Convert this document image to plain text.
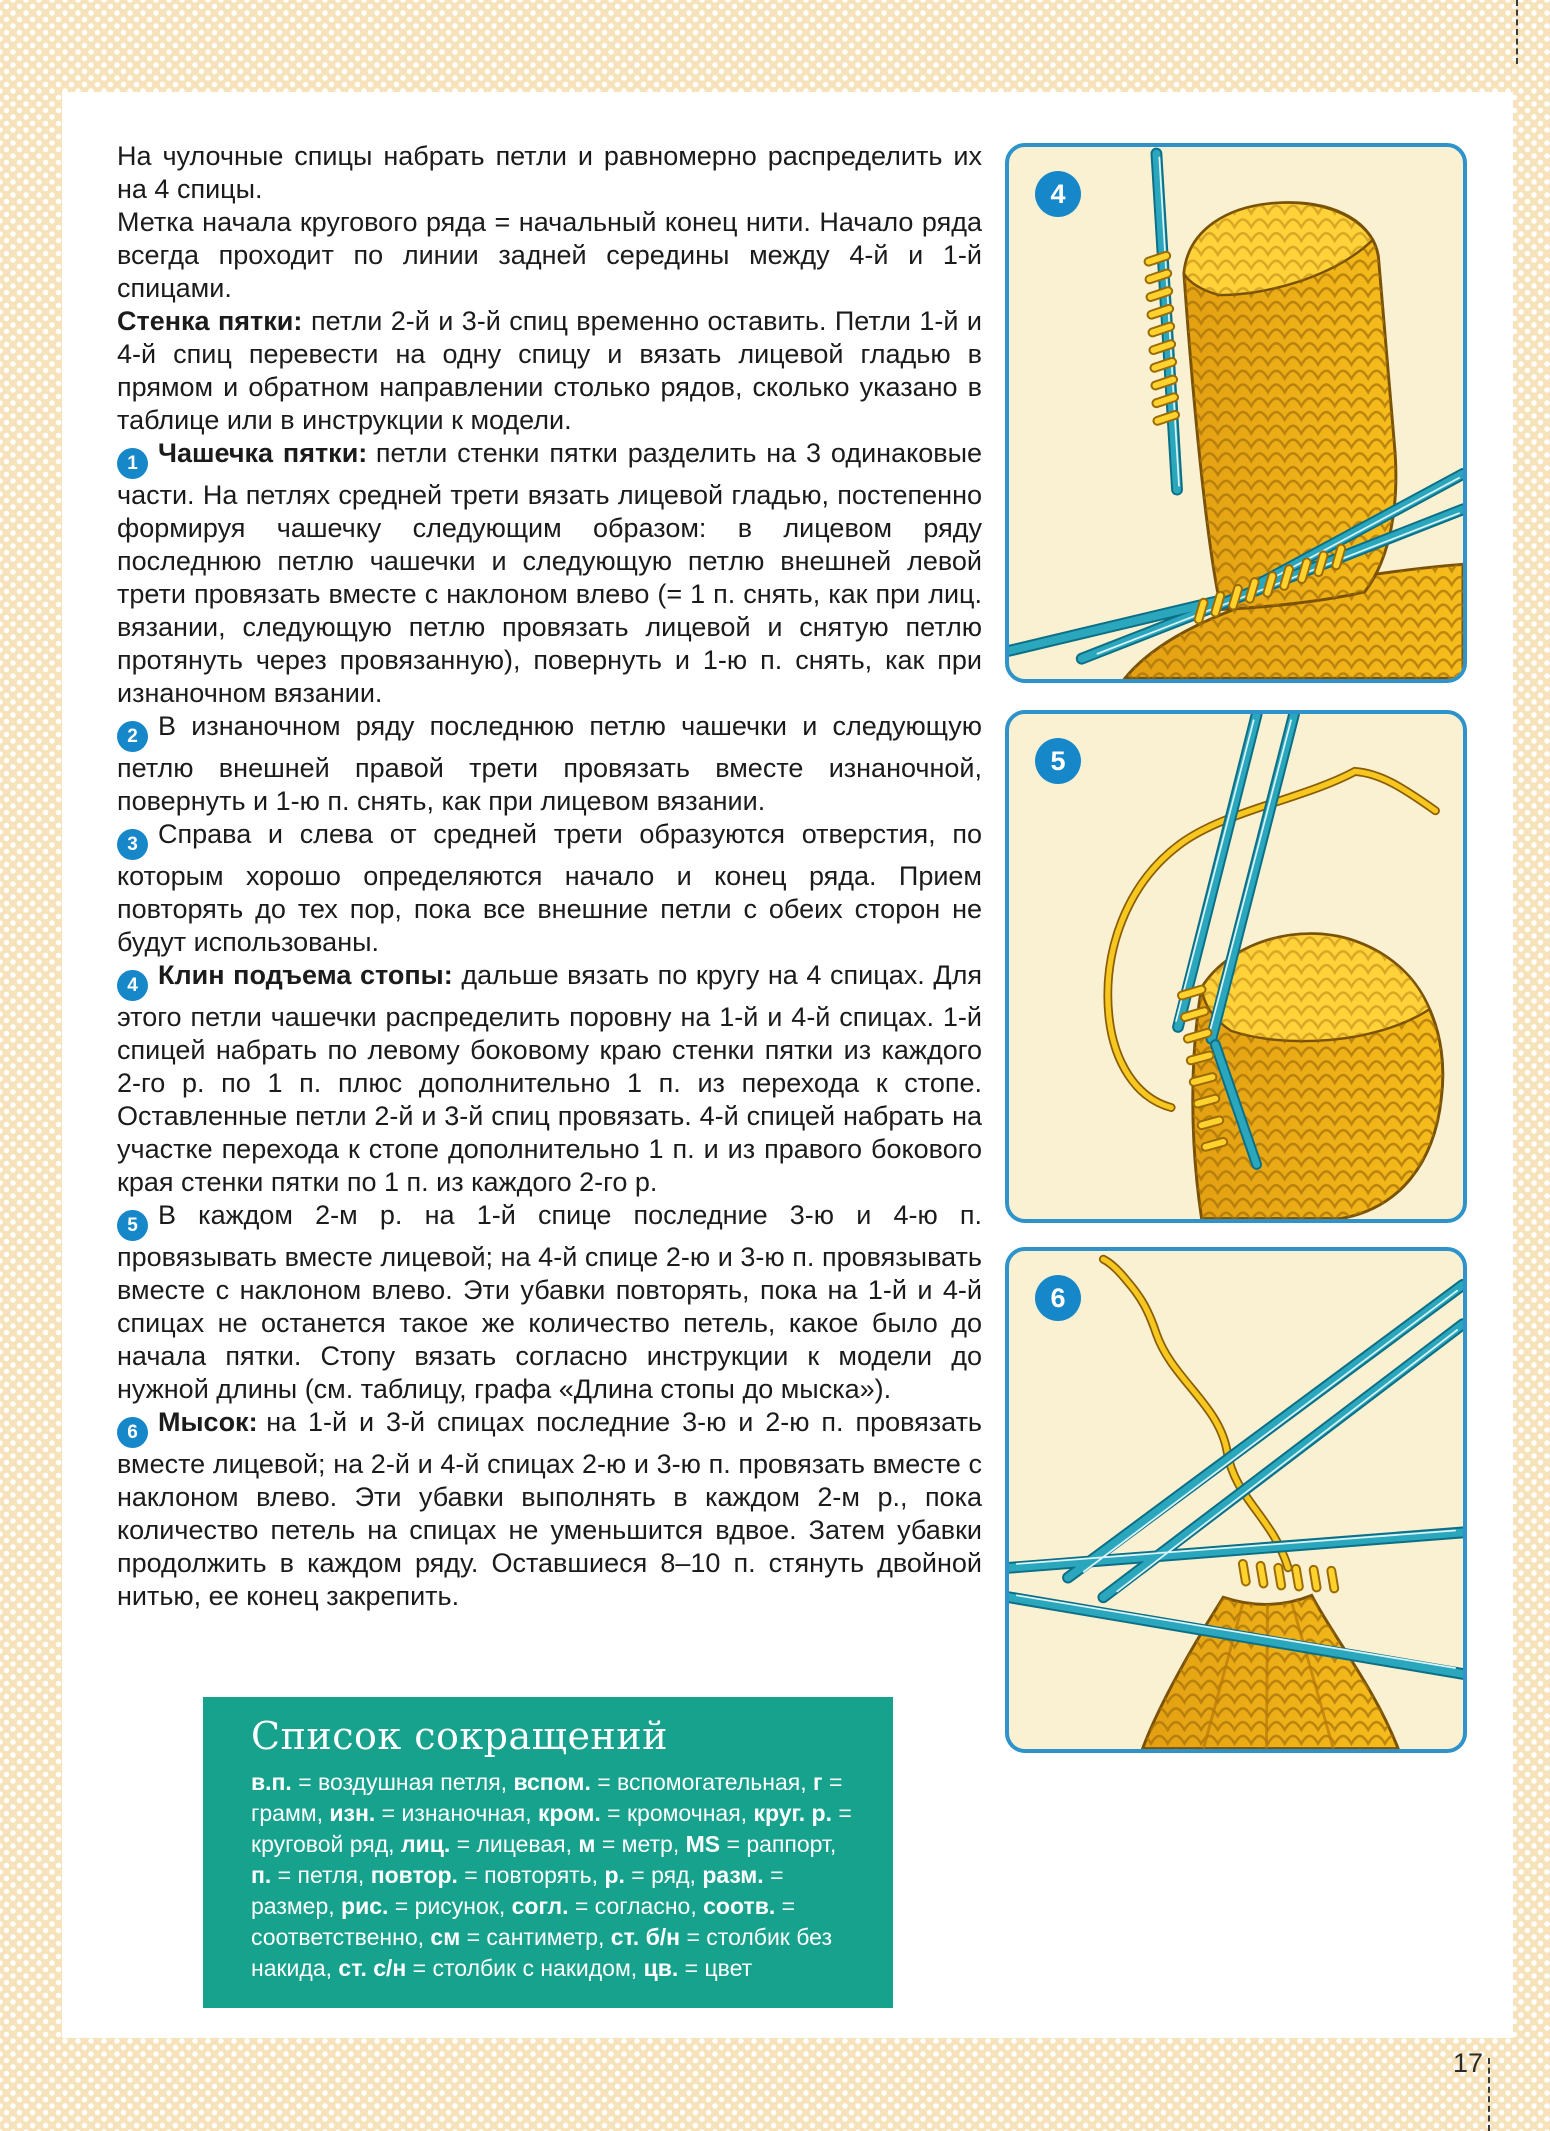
На чулочные спицы набрать петли и равномерно распределить их на 4 спицы.

Метка начала кругового ряда = начальный конец нити. Начало ряда всегда проходит по линии задней середины между 4-й и 1-й спицами.

Стенка пятки: петли 2-й и 3-й спиц временно оставить. Петли 1-й и 4-й спиц перевести на одну спицу и вязать лицевой гладью в прямом и обратном направлении столько рядов, сколько указано в таблице или в инструкции к модели.

1 Чашечка пятки: петли стенки пятки разделить на 3 одинаковые части. На петлях средней трети вязать лицевой гладью, постепенно формируя чашечку следующим образом: в лицевом ряду последнюю петлю чашечки и следующую петлю внешней левой трети провязать вместе с наклоном влево (= 1 п. снять, как при лиц. вязании, следующую петлю провязать лицевой и снятую петлю протянуть через провязанную), повернуть и 1-ю п. снять, как при изнаночном вязании.

2 В изнаночном ряду последнюю петлю чашечки и следующую петлю внешней правой трети провязать вместе изнаночной, повернуть и 1-ю п. снять, как при лицевом вязании.

3 Справа и слева от средней трети образуются отверстия, по которым хорошо определяются начало и конец ряда. Прием повторять до тех пор, пока все внешние петли с обеих сторон не будут использованы.

4 Клин подъема стопы: дальше вязать по кругу на 4 спицах. Для этого петли чашечки распределить поровну на 1-й и 4-й спицах. 1-й спицей набрать по левому боковому краю стенки пятки из каждого 2-го р. по 1 п. плюс дополнительно 1 п. из перехода к стопе. Оставленные петли 2-й и 3-й спиц провязать. 4-й спицей набрать на участке перехода к стопе дополнительно 1 п. и из правого бокового края стенки пятки по 1 п. из каждого 2-го р.

5 В каждом 2-м р. на 1-й спице последние 3-ю и 4-ю п. провязывать вместе лицевой; на 4-й спице 2-ю и 3-ю п. провязывать вместе с наклоном влево. Эти убавки повторять, пока на 1-й и 4-й спицах не останется такое же количество петель, какое было до начала пятки. Стопу вязать согласно инструкции к модели до нужной длины (см. таблицу, графа «Длина стопы до мыска»).

6 Мысок: на 1-й и 3-й спицах последние 3-ю и 2-ю п. провязать вместе лицевой; на 2-й и 4-й спицах 2-ю и 3-ю п. провязать вместе с наклоном влево. Эти убавки выполнять в каждом 2-м р., пока количество петель на спицах не уменьшится вдвое. Затем убавки продолжить в каждом ряду. Оставшиеся 8–10 п. стянуть двойной нитью, ее конец закрепить.

4
5
6
Список сокращений

в.п. = воздушная петля, вспом. = вспомогательная, г = грамм, изн. = изнаночная, кром. = кромочная, круг. р. = круговой ряд, лиц. = лицевая, м = метр, MS = раппорт, п. = петля, повтор. = повторять, р. = ряд, разм. = размер, рис. = рисунок, согл. = согласно, соотв. = соответственно, см = сантиметр, ст. б/н = столбик без накида, ст. с/н = столбик с накидом, цв. = цвет

17
